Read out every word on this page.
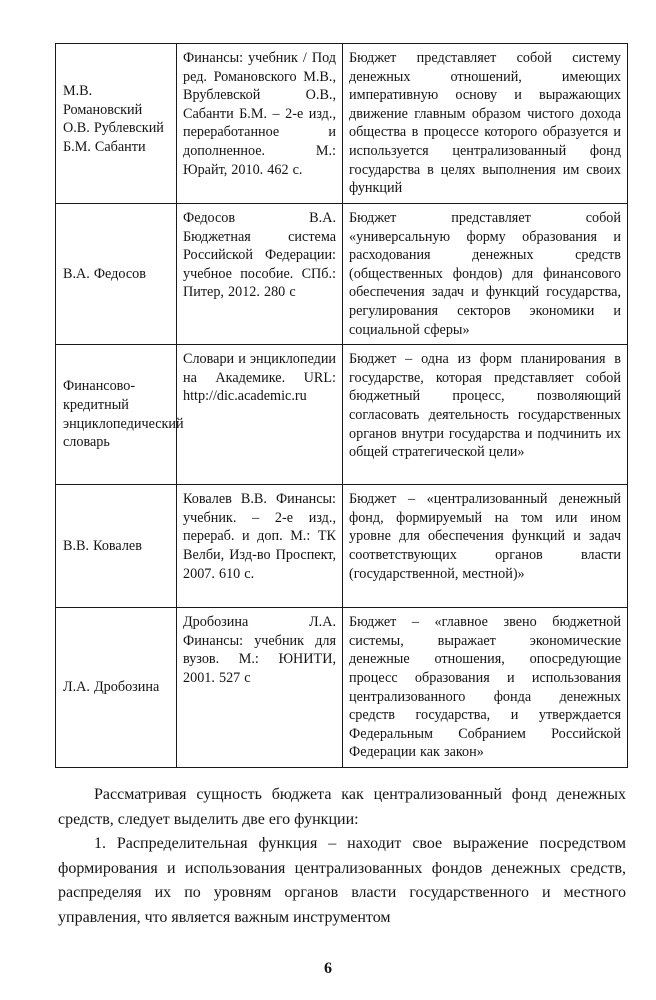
М.В. Романовский О.В. Рублевский Б.М. Сабанти	Финансы: учебник / Под ред. Романовского М.В., Врублевской О.В., Сабанти Б.М. – 2-е изд., переработанное и дополненное. М.: Юрайт, 2010. 462 с.	Бюджет представляет собой систему денежных отношений, имеющих императивную основу и выражающих движение главным образом чистого дохода общества в процессе которого образуется и используется централизованный фонд государства в целях выполнения им своих функций
В.А. Федосов	Федосов В.А. Бюджетная система Российской Федерации: учебное пособие. СПб.: Питер, 2012. 280 с	Бюджет представляет собой «универсальную форму образования и расходования денежных средств (общественных фондов) для финансового обеспечения задач и функций государства, регулирования секторов экономики и социальной сферы»
Финансово-кредитный энциклопедический словарь	Словари и энциклопедии на Академике. URL: http://dic.academic.ru	Бюджет – одна из форм планирования в государстве, которая представляет собой бюджетный процесс, позволяющий согласовать деятельность государственных органов внутри государства и подчинить их общей стратегической цели»
В.В. Ковалев	Ковалев В.В. Финансы: учебник. – 2-е изд., перераб. и доп. М.: ТК Велби, Изд-во Проспект, 2007. 610 с.	Бюджет – «централизованный денежный фонд, формируемый на том или ином уровне для обеспечения функций и задач соответствующих органов власти (государственной, местной)»
Л.А. Дробозина	Дробозина Л.А. Финансы: учебник для вузов. М.: ЮНИТИ, 2001. 527 с	Бюджет – «главное звено бюджетной системы, выражает экономические денежные отношения, опосредующие процесс образования и использования централизованного фонда денежных средств государства, и утверждается Федеральным Собранием Российской Федерации как закон»

Рассматривая сущность бюджета как централизованный фонд денежных средств, следует выделить две его функции:

1. Распределительная функция – находит свое выражение посредством формирования и использования централизованных фондов денежных средств, распределяя их по уровням органов власти государственного и местного управления, что является важным инструментом

6
